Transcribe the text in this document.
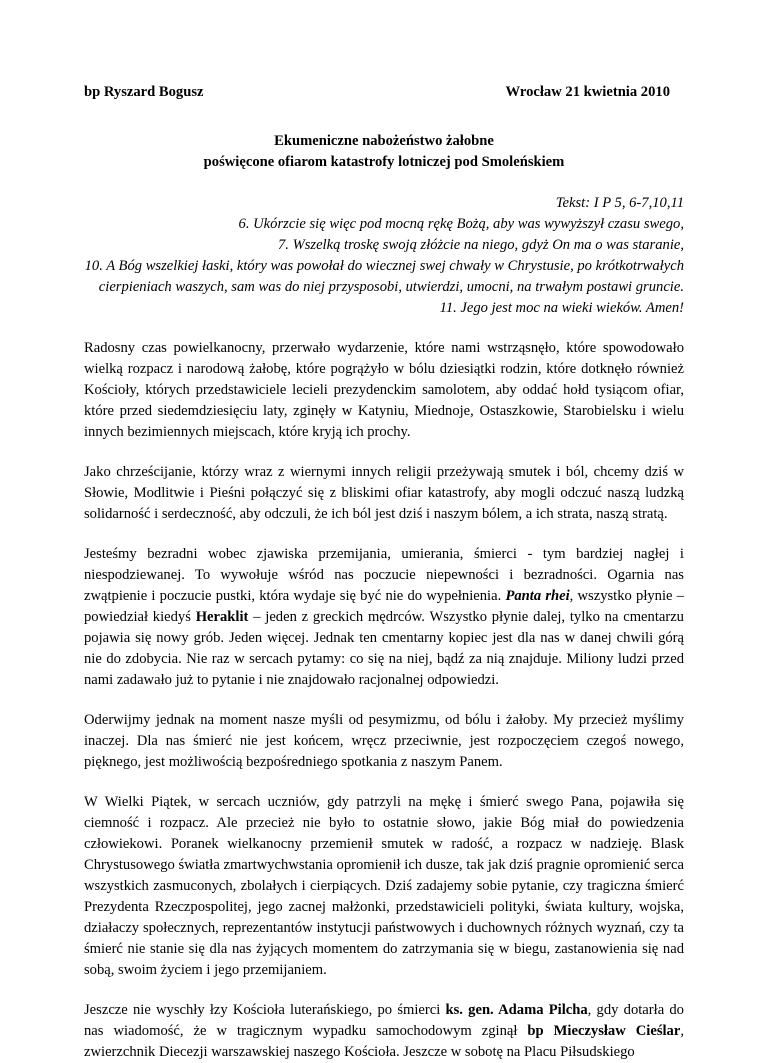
bp Ryszard Bogusz	Wrocław 21 kwietnia 2010
Ekumeniczne nabożeństwo żałobne
poświęcone ofiarom katastrofy lotniczej pod Smoleńskiem
Tekst: I P 5, 6-7,10,11
6. Ukórzcie się więc pod mocną rękę Bożą, aby was wywyższył czasu swego,
7. Wszelką troskę swoją złóżcie na niego, gdyż On ma o was staranie,
10. A Bóg wszelkiej łaski, który was powołał do wiecznej swej chwały w Chrystusie, po krótkotrwałych
cierpieniach waszych, sam was do niej przysposobi, utwierdzi, umocni, na trwałym postawi gruncie.
11. Jego jest moc na wieki wieków. Amen!

Radosny czas powielkanocny, przerwało wydarzenie, które nami wstrząsnęło, które spowodowało wielką rozpacz i narodową żałobę, które pogrążyło w bólu dziesiątki rodzin, które dotknęło również Kościoły, których przedstawiciele lecieli prezydenckim samolotem, aby oddać hołd tysiącom ofiar, które przed siedemdziesięciu laty, zginęły w Katyniu, Miednoje, Ostaszkowie, Starobielsku i wielu innych bezimiennych miejscach, które kryją ich prochy.

Jako chrześcijanie, którzy wraz z wiernymi innych religii przeżywają smutek i ból, chcemy dziś w Słowie, Modlitwie i Pieśni połączyć się z bliskimi ofiar katastrofy, aby mogli odczuć naszą ludzką solidarność i serdeczność, aby odczuli, że ich ból jest dziś i naszym bólem, a ich strata, naszą stratą.

Jesteśmy bezradni wobec zjawiska przemijania, umierania, śmierci - tym bardziej nagłej i niespodziewanej. To wywołuje wśród nas poczucie niepewności i bezradności. Ogarnia nas zwątpienie i poczucie pustki, która wydaje się być nie do wypełnienia. Panta rhei, wszystko płynie – powiedział kiedyś Heraklit – jeden z greckich mędrców. Wszystko płynie dalej, tylko na cmentarzu pojawia się nowy grób. Jeden więcej. Jednak ten cmentarny kopiec jest dla nas w danej chwili górą nie do zdobycia. Nie raz w sercach pytamy: co się na niej, bądź za nią znajduje. Miliony ludzi przed nami zadawało już to pytanie i nie znajdowało racjonalnej odpowiedzi.

Oderwijmy jednak na moment nasze myśli od pesymizmu, od bólu i żałoby. My przecież myślimy inaczej. Dla nas śmierć nie jest końcem, wręcz przeciwnie, jest rozpoczęciem czegoś nowego, pięknego, jest możliwością bezpośredniego spotkania z naszym Panem.

W Wielki Piątek, w sercach uczniów, gdy patrzyli na mękę i śmierć swego Pana, pojawiła się ciemność i rozpacz. Ale przecież nie było to ostatnie słowo, jakie Bóg miał do powiedzenia człowiekowi. Poranek wielkanocny przemienił smutek w radość, a rozpacz w nadzieję. Blask Chrystusowego światła zmartwychwstania opromienił ich dusze, tak jak dziś pragnie opromienić serca wszystkich zasmuconych, zbolałych i cierpiących. Dziś zadajemy sobie pytanie, czy tragiczna śmierć Prezydenta Rzeczpospolitej, jego zacnej małżonki, przedstawicieli polityki, świata kultury, wojska, działaczy społecznych, reprezentantów instytucji państwowych i duchownych różnych wyznań, czy ta śmierć nie stanie się dla nas żyjących momentem do zatrzymania się w biegu, zastanowienia się nad sobą, swoim życiem i jego przemijaniem.

Jeszcze nie wyschły łzy Kościoła luterańskiego, po śmierci ks. gen. Adama Pilcha, gdy dotarła do nas wiadomość, że w tragicznym wypadku samochodowym zginął bp Mieczysław Cieślar, zwierzchnik Diecezji warszawskiej naszego Kościoła. Jeszcze w sobotę na Placu Piłsudskiego
